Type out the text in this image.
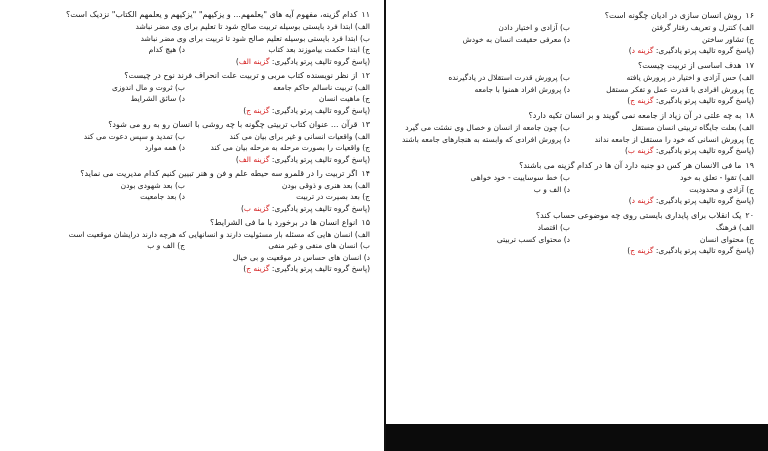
۱۱کدام گزینه، مفهوم آیه های "یعلمهم... و یزکیهم" "یزکیهم و یعلمهم الکتاب" نزدیک است؟
الف) ابتدا فرد بایستی بوسیله تربیت صالح شود تا تعلیم برای وی مضر نباشد
ب) ابتدا فرد بایستی بوسیله تعلیم صالح شود تا تربیت برای وی مضر نباشد
ج) ابتدا حکمت بیاموزند بعد کتاب
د) هیچ کدام
(پاسخ گروه تالیف پرتو یادگیری: گزینه الف)
۱۲از نظر نویسنده کتاب مربی و تربیت علت انحراف فرند نوح در چیست؟
الف) تربیت ناسالم حاکم جامعه
ب) ثروت و مال اندوزی
ج) ماهیت انسان
د) سائق الشرایط
(پاسخ گروه تالیف پرتو یادگیری: گزینه ج)
۱۳قرآن ... عنوان کتاب تربیتی چگونه با چه روشی با انسان رو به رو می شود؟
الف) واقعیات انسانی و غیر برای بیان می کند
ب) تمدید و سپس دعوت می کند
ج) واقعیات را بصورت مرحله به مرحله بیان می کند
د) همه موارد
(پاسخ گروه تالیف پرتو یادگیری: گزینه الف)
۱۴اگر تربیت را در قلمرو سه حیطه علم و فن و هنر تبیین کنیم کدام مدیریت می نماید؟
الف) بعد هنری و ذوقی بودن
ب) بعد شهودی بودن
ج) بعد بصیرت در تربیت
د) بعد جامعیت
(پاسخ گروه تالیف پرتو یادگیری: گزینه ب)
۱۵انواع انسان ها در برخورد با ما فی الشرایط؟
الف) انسان هایی که مسئله بار مسئولیت دارند و انسانهایی که هرچه دارند درایشان موقعیت است
ب) انسان های منفی و غیر منفی
ج) الف و ب
د) انسان های حساس در موقعیت و بی خیال
(پاسخ گروه تالیف پرتو یادگیری: گزینه ج)
۱۶روش انسان سازی در ادیان چگونه است؟
الف) کنترل و تعریف رفتار گرفتن
ب) آزادی و اختیار دادن
ج) تشاور ساختن
د) معرفی حقیقت انسان به خودش
(پاسخ گروه تالیف پرتو یادگیری: گزینه د)
۱۷هدف اساسی از تربیت چیست؟
الف) حس آزادی و اختیار در پرورش یافته
ب) پرورش قدرت استقلال در یادگیرنده
ج) پرورش افرادی با قدرت عمل و تفکر مستقل
د) پرورش افراد همنوا با جامعه
(پاسخ گروه تالیف پرتو یادگیری: گزینه ج)
۱۸به چه علتی در آن زیاد از جامعه نمی گویند و بر انسان تکیه دارد؟
الف) بعلت جایگاه تربیتی انسان مستقل
ب) چون جامعه از انسان و خصال وی نشئت می گیرد
ج) پرورش انسانی که خود را مستقل از جامعه نداند
د) پرورش افرادی که وابسته به هنجارهای جامعه باشند
(پاسخ گروه تالیف پرتو یادگیری: گزینه ب)
۱۹ما فی الانسان هر کس دو جنبه دارد آن ها در کدام گزینه می باشند؟
الف) تقوا - تعلق به خود
ب) خط سوساییت - خود خواهی
ج) آزادی و محدودیت
د) الف و ب
(پاسخ گروه تالیف پرتو یادگیری: گزینه د)
۲۰یک انقلاب برای پایداری بایستی روی چه موضوعی حساب کند؟
الف) فرهنگ
ب) اقتصاد
ج) محتوای انسان
د) محتوای کسب تربیتی
(پاسخ گروه تالیف پرتو یادگیری: گزینه ج)
